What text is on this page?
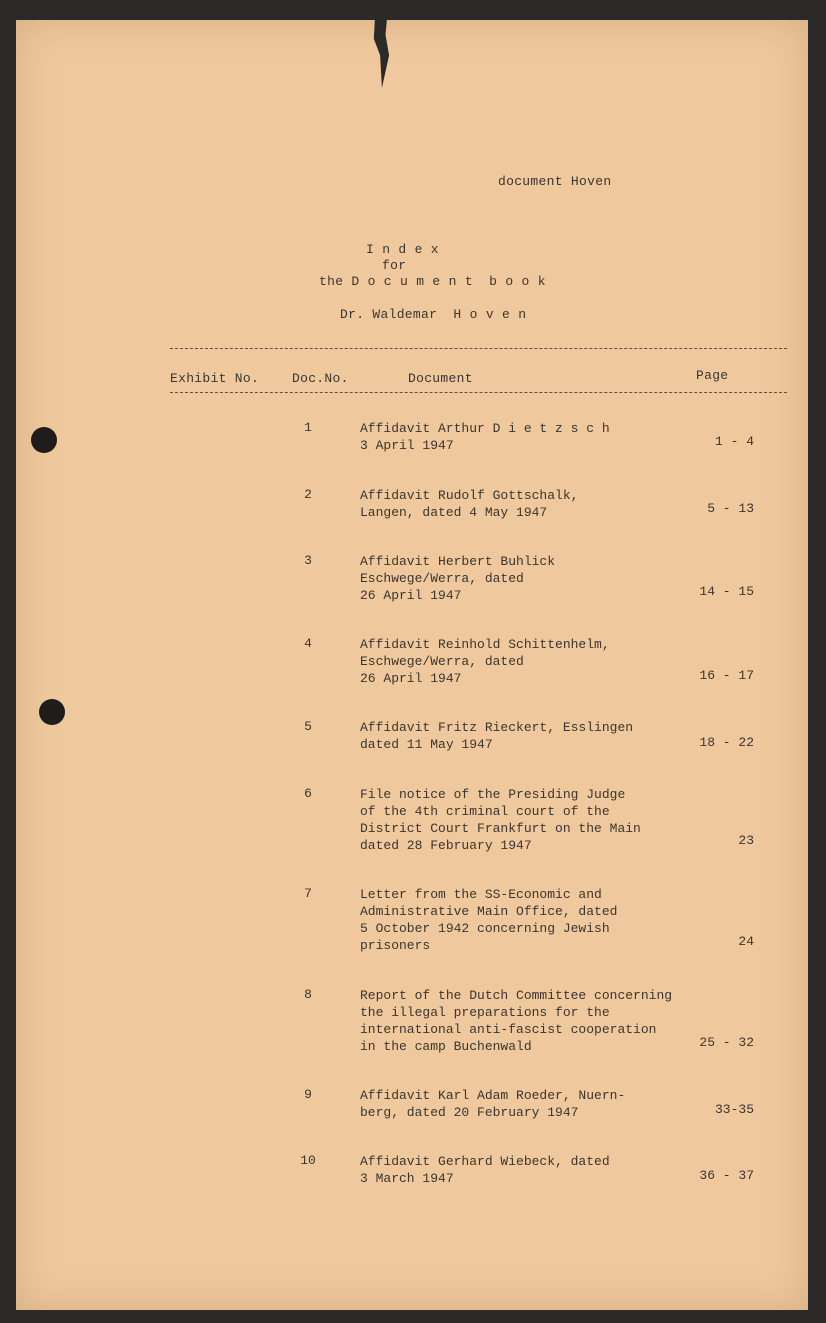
document Hoven
I n d e x
for
the D o c u m e n t  b o o k
Dr. Waldemar  H o v e n
Exhibit No.	Doc.No.	Document	Page
1	Affidavit Arthur D i e t z s c h
3 April 1947	1 - 4
2	Affidavit Rudolf Gottschalk,
Langen, dated 4 May 1947	5 - 13
3	Affidavit Herbert Buhlick
Eschwege/Werra, dated
26 April 1947	14 - 15
4	Affidavit Reinhold Schittenhelm,
Eschwege/Werra, dated
26 April 1947	16 - 17
5	Affidavit Fritz Rieckert, Esslingen
dated 11 May 1947	18 - 22
6	File notice of the Presiding Judge
of the 4th criminal court of the
District Court Frankfurt on the Main
dated 28 February 1947	23
7	Letter from the SS-Economic and
Administrative Main Office, dated
5 October 1942 concerning Jewish
prisoners	24
8	Report of the Dutch Committee concerning
the illegal preparations for the
international anti-fascist cooperation
in the camp Buchenwald	25 - 32
9	Affidavit Karl Adam Roeder, Nuern-
berg, dated 20 February 1947	33-35
10	Affidavit Gerhard Wiebeck, dated
3 March 1947	36 - 37
